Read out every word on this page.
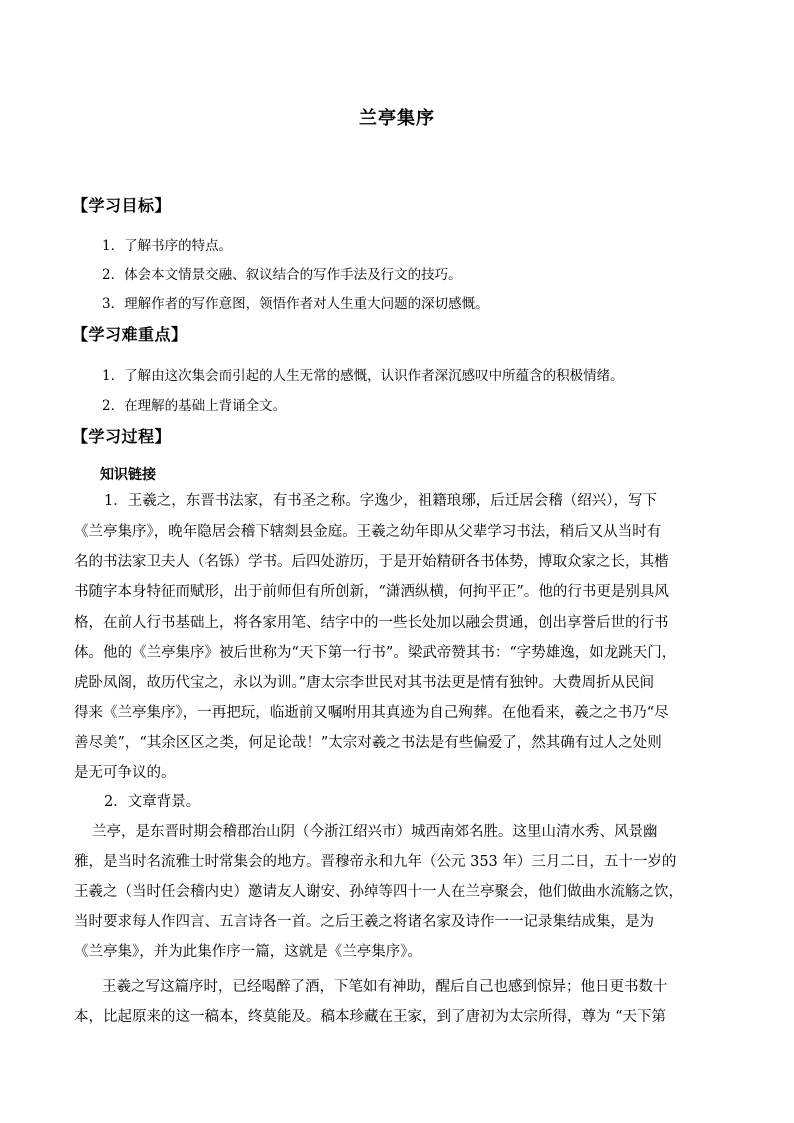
兰亭集序
【学习目标】
1．了解书序的特点。
2．体会本文情景交融、叙议结合的写作手法及行文的技巧。
3．理解作者的写作意图，领悟作者对人生重大问题的深切感慨。
【学习难重点】
1．了解由这次集会而引起的人生无常的感慨，认识作者深沉感叹中所蕴含的积极情绪。
2．在理解的基础上背诵全文。
【学习过程】
知识链接
1．王羲之，东晋书法家，有书圣之称。字逸少，祖籍琅琊，后迁居会稽（绍兴），写下
《兰亭集序》，晚年隐居会稽下辖剡县金庭。王羲之幼年即从父辈学习书法，稍后又从当时有
名的书法家卫夫人（名铄）学书。后四处游历，于是开始精研各书体势，博取众家之长，其楷
书随字本身特征而赋形，出于前师但有所创新，“潇洒纵横，何拘平正”。他的行书更是别具风
格，在前人行书基础上，将各家用笔、结字中的一些长处加以融会贯通，创出享誉后世的行书
体。他的《兰亭集序》被后世称为“天下第一行书”。梁武帝赞其书：“字势雄逸，如龙跳天门，
虎卧凤阁，故历代宝之，永以为训。”唐太宗李世民对其书法更是情有独钟。大费周折从民间
得来《兰亭集序》，一再把玩，临逝前又嘱咐用其真迹为自己殉葬。在他看来，羲之之书乃“尽
善尽美”，“其余区区之类，何足论哉！”太宗对羲之书法是有些偏爱了，然其确有过人之处则
是无可争议的。
2．文章背景。
兰亭，是东晋时期会稽郡治山阴（今浙江绍兴市）城西南郊名胜。这里山清水秀、风景幽
雅，是当时名流雅士时常集会的地方。晋穆帝永和九年（公元 353 年）三月二日，五十一岁的
王羲之（当时任会稽内史）邀请友人谢安、孙绰等四十一人在兰亭聚会，他们做曲水流觞之饮，
当时要求每人作四言、五言诗各一首。之后王羲之将诸名家及诗作一一记录集结成集，是为
《兰亭集》，并为此集作序一篇，这就是《兰亭集序》。
王羲之写这篇序时，已经喝醉了酒，下笔如有神助，醒后自己也感到惊异；他日更书数十
本，比起原来的这一稿本，终莫能及。稿本珍藏在王家，到了唐初为太宗所得，尊为 “天下第
